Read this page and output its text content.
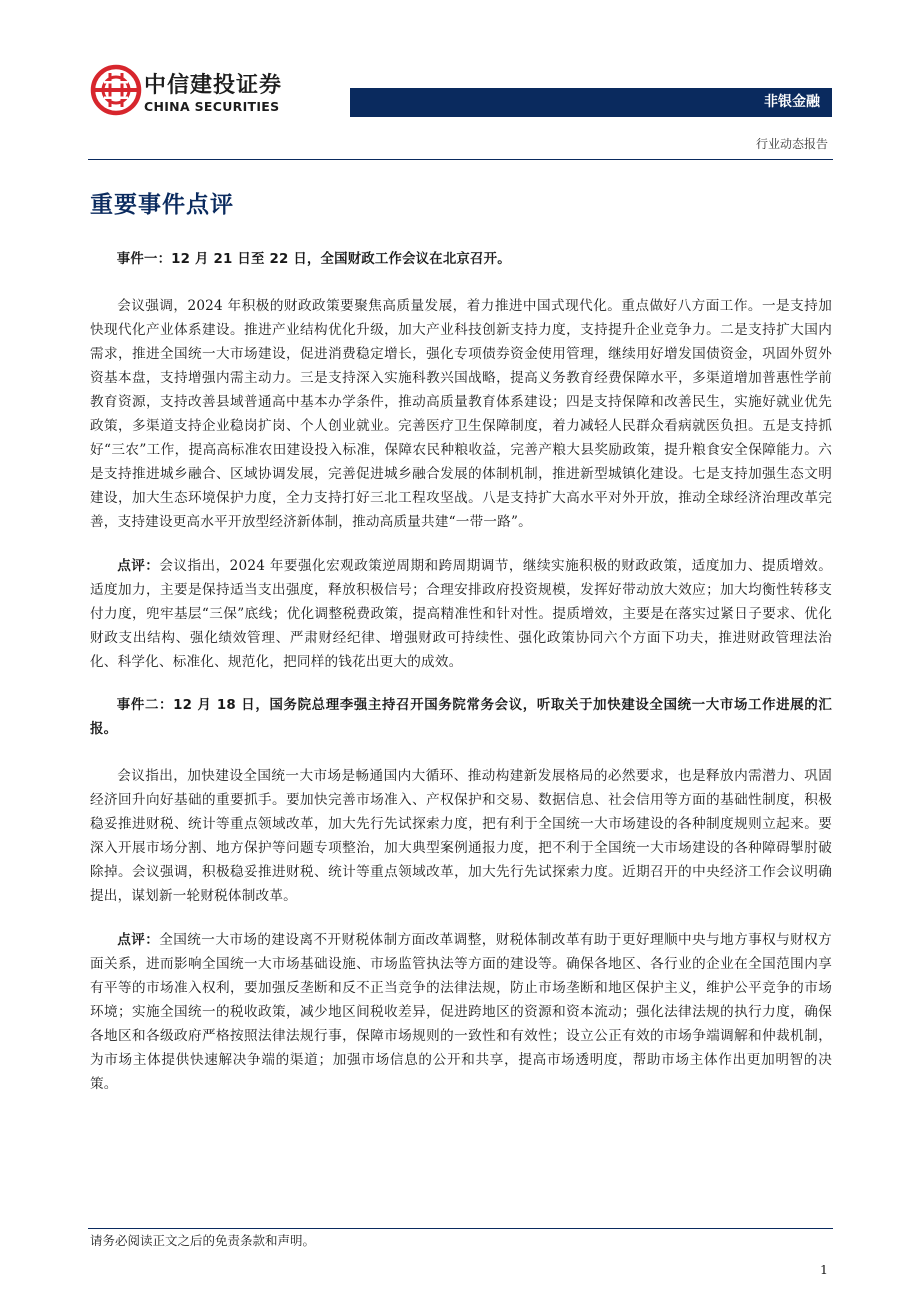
中信建投证券
CHINA SECURITIES	非银金融
行业动态报告
重要事件点评

事件一：12 月 21 日至 22 日，全国财政工作会议在北京召开。

会议强调，2024 年积极的财政政策要聚焦高质量发展，着力推进中国式现代化。重点做好八方面工作。一是支持加快现代化产业体系建设。推进产业结构优化升级，加大产业科技创新支持力度，支持提升企业竞争力。二是支持扩大国内需求，推进全国统一大市场建设，促进消费稳定增长，强化专项债券资金使用管理，继续用好增发国债资金，巩固外贸外资基本盘，支持增强内需主动力。三是支持深入实施科教兴国战略，提高义务教育经费保障水平，多渠道增加普惠性学前教育资源，支持改善县域普通高中基本办学条件，推动高质量教育体系建设；四是支持保障和改善民生，实施好就业优先政策，多渠道支持企业稳岗扩岗、个人创业就业。完善医疗卫生保障制度，着力减轻人民群众看病就医负担。五是支持抓好“三农”工作，提高高标准农田建设投入标准，保障农民种粮收益，完善产粮大县奖励政策，提升粮食安全保障能力。六是支持推进城乡融合、区域协调发展，完善促进城乡融合发展的体制机制，推进新型城镇化建设。七是支持加强生态文明建设，加大生态环境保护力度，全力支持打好三北工程攻坚战。八是支持扩大高水平对外开放，推动全球经济治理改革完善，支持建设更高水平开放型经济新体制，推动高质量共建“一带一路”。

点评：会议指出，2024 年要强化宏观政策逆周期和跨周期调节，继续实施积极的财政政策，适度加力、提质增效。适度加力，主要是保持适当支出强度，释放积极信号；合理安排政府投资规模，发挥好带动放大效应；加大均衡性转移支付力度，兜牢基层“三保”底线；优化调整税费政策，提高精准性和针对性。提质增效，主要是在落实过紧日子要求、优化财政支出结构、强化绩效管理、严肃财经纪律、增强财政可持续性、强化政策协同六个方面下功夫，推进财政管理法治化、科学化、标准化、规范化，把同样的钱花出更大的成效。

事件二：12 月 18 日，国务院总理李强主持召开国务院常务会议，听取关于加快建设全国统一大市场工作进展的汇报。

会议指出，加快建设全国统一大市场是畅通国内大循环、推动构建新发展格局的必然要求，也是释放内需潜力、巩固经济回升向好基础的重要抓手。要加快完善市场准入、产权保护和交易、数据信息、社会信用等方面的基础性制度，积极稳妥推进财税、统计等重点领域改革，加大先行先试探索力度，把有利于全国统一大市场建设的各种制度规则立起来。要深入开展市场分割、地方保护等问题专项整治，加大典型案例通报力度，把不利于全国统一大市场建设的各种障碍掣肘破除掉。会议强调，积极稳妥推进财税、统计等重点领域改革，加大先行先试探索力度。近期召开的中央经济工作会议明确提出，谋划新一轮财税体制改革。

点评：全国统一大市场的建设离不开财税体制方面改革调整，财税体制改革有助于更好理顺中央与地方事权与财权方面关系，进而影响全国统一大市场基础设施、市场监管执法等方面的建设等。确保各地区、各行业的企业在全国范围内享有平等的市场准入权利，要加强反垄断和反不正当竞争的法律法规，防止市场垄断和地区保护主义，维护公平竞争的市场环境；实施全国统一的税收政策，减少地区间税收差异，促进跨地区的资源和资本流动；强化法律法规的执行力度，确保各地区和各级政府严格按照法律法规行事，保障市场规则的一致性和有效性；设立公正有效的市场争端调解和仲裁机制，为市场主体提供快速解决争端的渠道；加强市场信息的公开和共享，提高市场透明度，帮助市场主体作出更加明智的决策。

请务必阅读正文之后的免责条款和声明。
1
